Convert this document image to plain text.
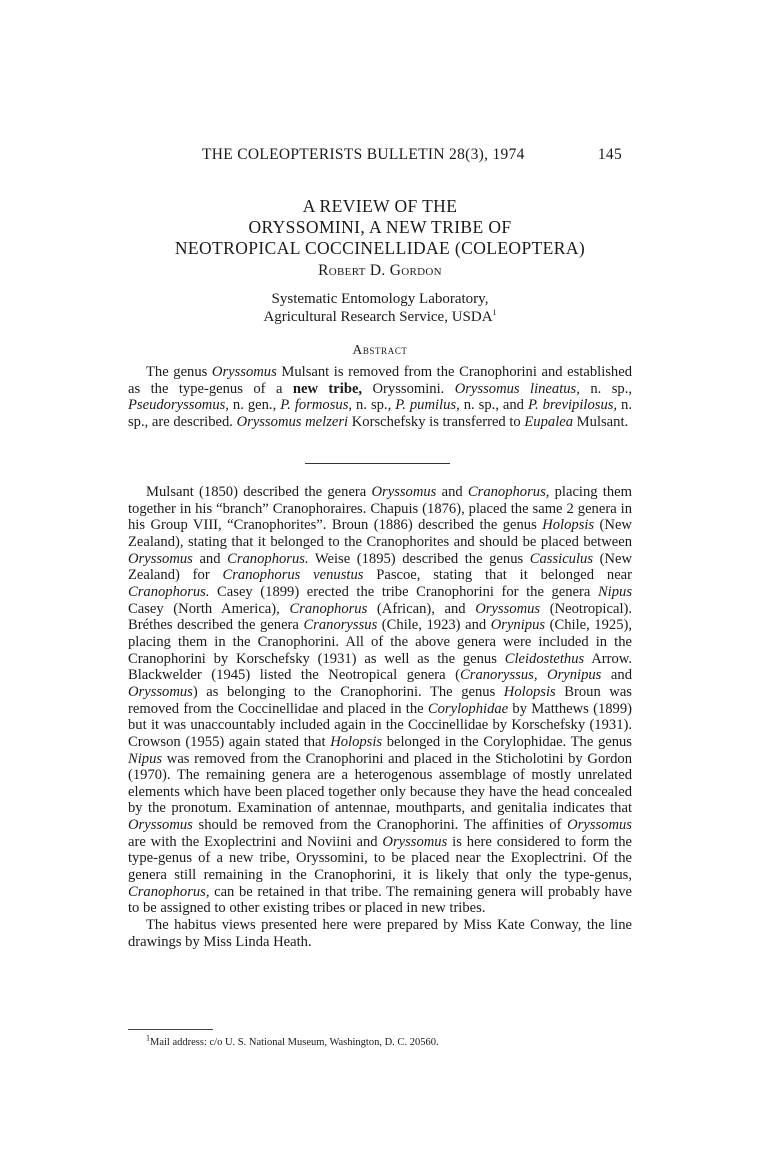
THE COLEOPTERISTS BULLETIN 28(3), 1974	145
A REVIEW OF THE
ORYSSOMINI, A NEW TRIBE OF
NEOTROPICAL COCCINELLIDAE (COLEOPTERA)
Robert D. Gordon
Systematic Entomology Laboratory,
Agricultural Research Service, USDA$^1$
Abstract

The genus Oryssomus Mulsant is removed from the Cranophorini and established as the type-genus of a new tribe, Oryssomini. Oryssomus lineatus, n. sp., Pseudoryssomus, n. gen., P. formosus, n. sp., P. pumilus, n. sp., and P. brevipilosus, n. sp., are described. Oryssomus melzeri Korschefsky is transferred to Eupalea Mulsant.

Mulsant (1850) described the genera Oryssomus and Cranophorus, placing them together in his “branch” Cranophoraires. Chapuis (1876), placed the same 2 genera in his Group VIII, “Cranophorites”. Broun (1886) described the genus Holopsis (New Zealand), stating that it belonged to the Cranophorites and should be placed between Oryssomus and Cranophorus. Weise (1895) described the genus Cassiculus (New Zealand) for Cranophorus venustus Pascoe, stating that it belonged near Cranophorus. Casey (1899) erected the tribe Cranophorini for the genera Nipus Casey (North America), Cranophorus (African), and Oryssomus (Neotropical). Bréthes described the genera Cranoryssus (Chile, 1923) and Orynipus (Chile, 1925), placing them in the Cranophorini. All of the above genera were included in the Cranophorini by Korschefsky (1931) as well as the genus Cleidostethus Arrow. Blackwelder (1945) listed the Neotropical genera (Cranoryssus, Orynipus and Oryssomus) as belonging to the Cranophorini. The genus Holopsis Broun was removed from the Coccinellidae and placed in the Corylophidae by Matthews (1899) but it was unaccountably included again in the Coccinellidae by Korschefsky (1931). Crowson (1955) again stated that Holopsis belonged in the Corylophidae. The genus Nipus was removed from the Cranophorini and placed in the Sticholotini by Gordon (1970). The remaining genera are a heterogenous assemblage of mostly unrelated elements which have been placed together only because they have the head concealed by the pronotum. Examination of antennae, mouthparts, and genitalia indicates that Oryssomus should be removed from the Cranophorini. The affinities of Oryssomus are with the Exoplectrini and Noviini and Oryssomus is here considered to form the type-genus of a new tribe, Oryssomini, to be placed near the Exoplectrini. Of the genera still remaining in the Cranophorini, it is likely that only the type-genus, Cranophorus, can be retained in that tribe. The remaining genera will probably have to be assigned to other existing tribes or placed in new tribes.

The habitus views presented here were prepared by Miss Kate Conway, the line drawings by Miss Linda Heath.

$^1$Mail address: c/o U. S. National Museum, Washington, D. C. 20560.
